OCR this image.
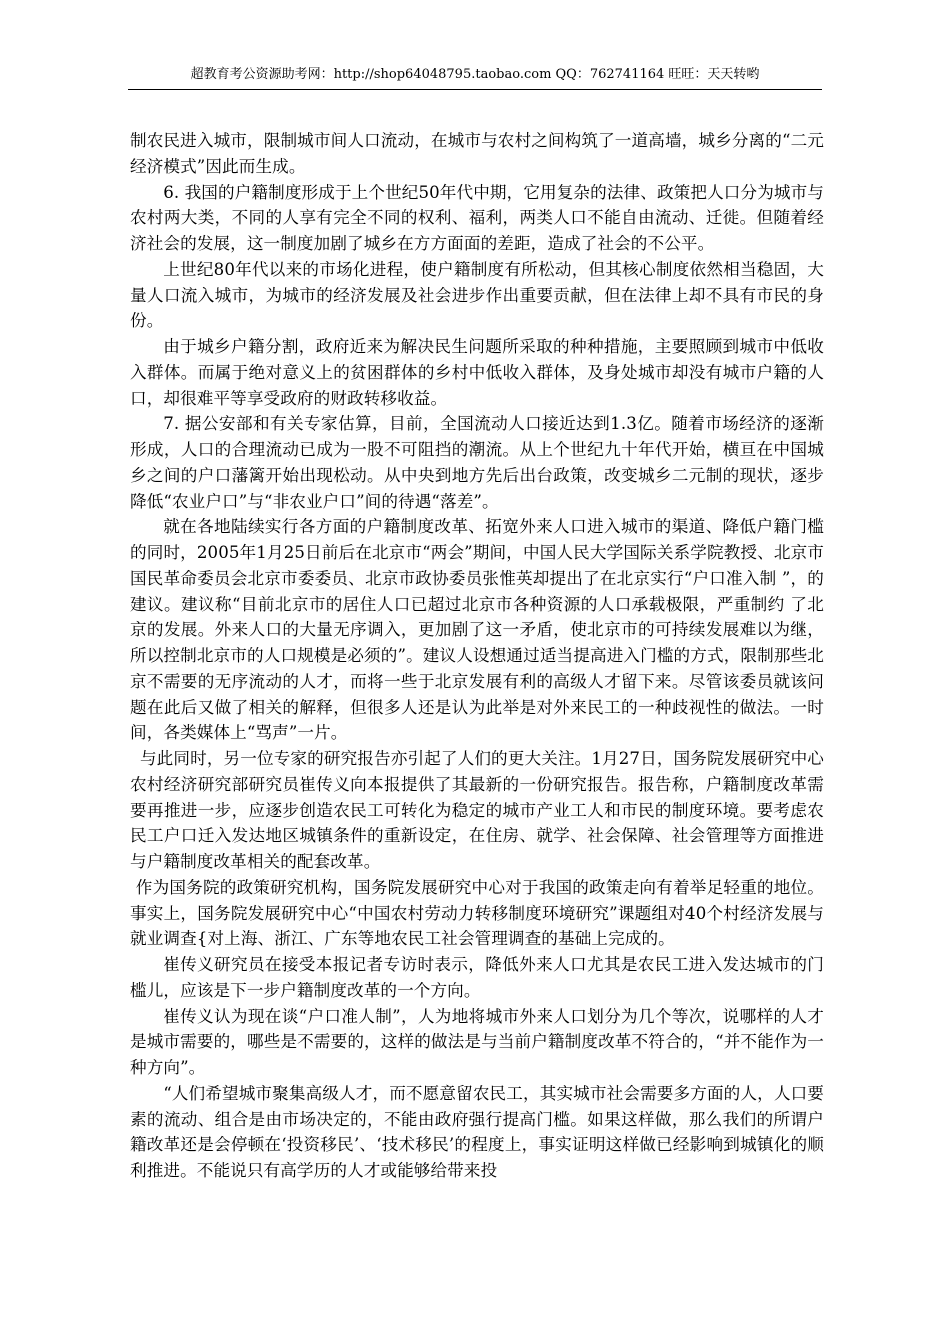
超教育考公资源助考网：http://shop64048795.taobao.com QQ：762741164 旺旺：天天转哟

制农民进入城市，限制城市间人口流动，在城市与农村之间构筑了一道高墙，城乡分离的“二元经济模式”因此而生成。

6. 我国的户籍制度形成于上个世纪50年代中期，它用复杂的法律、政策把人口分为城市与农村两大类，不同的人享有完全不同的权利、福利，两类人口不能自由流动、迁徙。但随着经济社会的发展，这一制度加剧了城乡在方方面面的差距，造成了社会的不公平。

上世纪80年代以来的市场化进程，使户籍制度有所松动，但其核心制度依然相当稳固，大量人口流入城市，为城市的经济发展及社会进步作出重要贡献，但在法律上却不具有市民的身份。

由于城乡户籍分割，政府近来为解决民生问题所采取的种种措施，主要照顾到城市中低收入群体。而属于绝对意义上的贫困群体的乡村中低收入群体，及身处城市却没有城市户籍的人口，却很难平等享受政府的财政转移收益。

7. 据公安部和有关专家估算，目前，全国流动人口接近达到1.3亿。随着市场经济的逐渐形成，人口的合理流动已成为一股不可阻挡的潮流。从上个世纪九十年代开始，横亘在中国城乡之间的户口藩篱开始出现松动。从中央到地方先后出台政策，改变城乡二元制的现状，逐步降低“农业户口”与“非农业户口”间的待遇“落差”。

就在各地陆续实行各方面的户籍制度改革、拓宽外来人口进入城市的渠道、降低户籍门槛的同时，2005年1月25日前后在北京市“两会”期间，中国人民大学国际关系学院教授、北京市国民革命委员会北京市委委员、北京市政协委员张惟英却提出了在北京实行“户口准入制 ”，的建议。建议称“目前北京市的居住人口已超过北京市各种资源的人口承载极限，严重制约 了北京的发展。外来人口的大量无序调入，更加剧了这一矛盾，使北京市的可持续发展难以为继，所以控制北京市的人口规模是必须的”。建议人设想通过适当提高进入门槛的方式，限制那些北京不需要的无序流动的人才，而将一些于北京发展有利的高级人才留下来。尽管该委员就该问题在此后又做了相关的解释，但很多人还是认为此举是对外来民工的一种歧视性的做法。一时间，各类媒体上“骂声”一片。

与此同时，另一位专家的研究报告亦引起了人们的更大关注。1月27日，国务院发展研究中心农村经济研究部研究员崔传义向本报提供了其最新的一份研究报告。报告称，户籍制度改革需要再推进一步，应逐步创造农民工可转化为稳定的城市产业工人和市民的制度环境。要考虑农民工户口迁入发达地区城镇条件的重新设定，在住房、就学、社会保障、社会管理等方面推进与户籍制度改革相关的配套改革。

作为国务院的政策研究机构，国务院发展研究中心对于我国的政策走向有着举足轻重的地位。事实上，国务院发展研究中心“中国农村劳动力转移制度环境研究”课题组对40个村经济发展与就业调查{对上海、浙江、广东等地农民工社会管理调查的基础上完成的。

崔传义研究员在接受本报记者专访时表示，降低外来人口尤其是农民工进入发达城市的门槛儿，应该是下一步户籍制度改革的一个方向。

崔传义认为现在谈“户口准人制”，人为地将城市外来人口划分为几个等次，说哪样的人才是城市需要的，哪些是不需要的，这样的做法是与当前户籍制度改革不符合的，“并不能作为一种方向”。

“人们希望城市聚集高级人才，而不愿意留农民工，其实城市社会需要多方面的人，人口要素的流动、组合是由市场决定的，不能由政府强行提高门槛。如果这样做，那么我们的所谓户籍改革还是会停顿在‘投资移民’、‘技术移民’的程度上，事实证明这样做已经影响到城镇化的顺利推进。不能说只有高学历的人才或能够给带来投
